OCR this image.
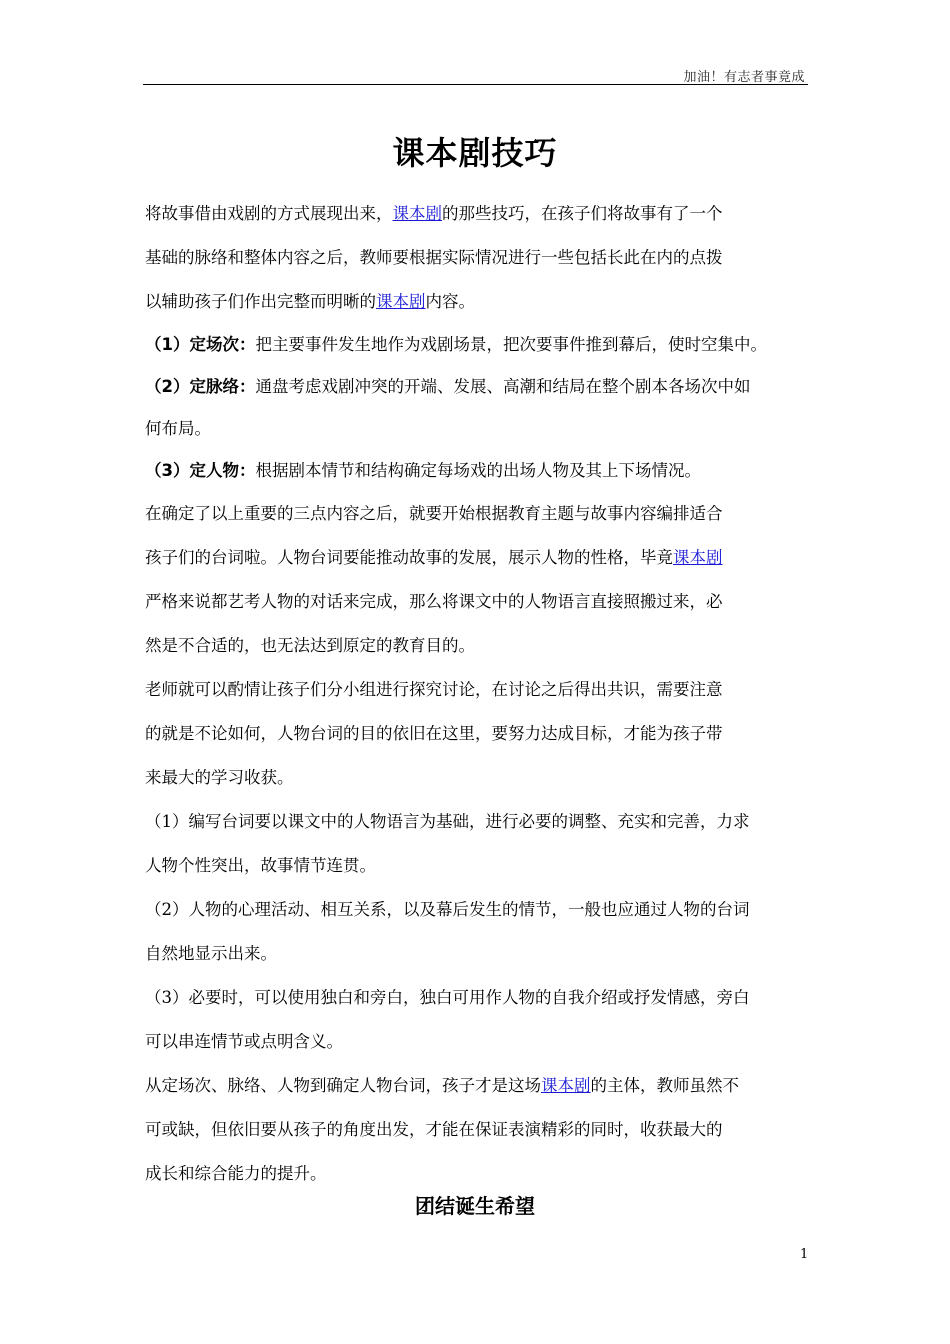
加油！有志者事竟成
课本剧技巧
将故事借由戏剧的方式展现出来，课本剧的那些技巧，在孩子们将故事有了一个
基础的脉络和整体内容之后，教师要根据实际情况进行一些包括长此在内的点拨
以辅助孩子们作出完整而明晰的课本剧内容。
（1）定场次：把主要事件发生地作为戏剧场景，把次要事件推到幕后，使时空集中。
（2）定脉络：通盘考虑戏剧冲突的开端、发展、高潮和结局在整个剧本各场次中如
何布局。
（3）定人物：根据剧本情节和结构确定每场戏的出场人物及其上下场情况。
在确定了以上重要的三点内容之后，就要开始根据教育主题与故事内容编排适合
孩子们的台词啦。人物台词要能推动故事的发展，展示人物的性格，毕竟课本剧
严格来说都艺考人物的对话来完成，那么将课文中的人物语言直接照搬过来，必
然是不合适的，也无法达到原定的教育目的。
老师就可以酌情让孩子们分小组进行探究讨论，在讨论之后得出共识，需要注意
的就是不论如何，人物台词的目的依旧在这里，要努力达成目标，才能为孩子带
来最大的学习收获。
（1）编写台词要以课文中的人物语言为基础，进行必要的调整、充实和完善，力求
人物个性突出，故事情节连贯。
（2）人物的心理活动、相互关系，以及幕后发生的情节，一般也应通过人物的台词
自然地显示出来。
（3）必要时，可以使用独白和旁白，独白可用作人物的自我介绍或抒发情感，旁白
可以串连情节或点明含义。
从定场次、脉络、人物到确定人物台词，孩子才是这场课本剧的主体，教师虽然不
可或缺，但依旧要从孩子的角度出发，才能在保证表演精彩的同时，收获最大的
成长和综合能力的提升。
团结诞生希望
1
